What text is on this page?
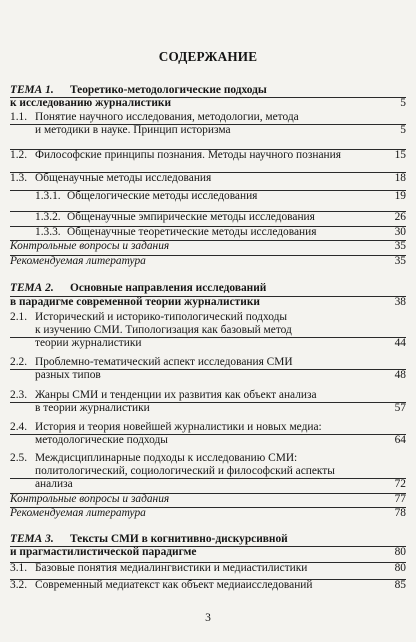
СОДЕРЖАНИЕ
ТЕМА 1. Теоретико-методологические подходы
к исследованию журналистики	5
1.1. Понятие научного исследования, методологии, метода
и методики в науке. Принцип историзма	5
1.2. Философские принципы познания. Методы научного познания	15
1.3. Общенаучные методы исследования	18
1.3.1. Общелогические методы исследования	19
1.3.2. Общенаучные эмпирические методы исследования	26
1.3.3. Общенаучные теоретические методы исследования	30
Контрольные вопросы и задания	35
Рекомендуемая литература	35
ТЕМА 2. Основные направления исследований
в парадигме современной теории журналистики	38
2.1. Исторический и историко-типологический подходы
к изучению СМИ. Типологизация как базовый метод
теории журналистики	44
2.2. Проблемно-тематический аспект исследования СМИ
разных типов	48
2.3. Жанры СМИ и тенденции их развития как объект анализа
в теории журналистики	57
2.4. История и теория новейшей журналистики и новых медиа:
методологические подходы	64
2.5. Междисциплинарные подходы к исследованию СМИ:
политологический, социологический и философский аспекты
анализа	72
Контрольные вопросы и задания	77
Рекомендуемая литература	78
ТЕМА 3. Тексты СМИ в когнитивно-дискурсивной
и прагмастилистической парадигме	80
3.1. Базовые понятия медиалингвистики и медиастилистики	80
3.2. Современный медиатекст как объект медиаисследований	85
3
